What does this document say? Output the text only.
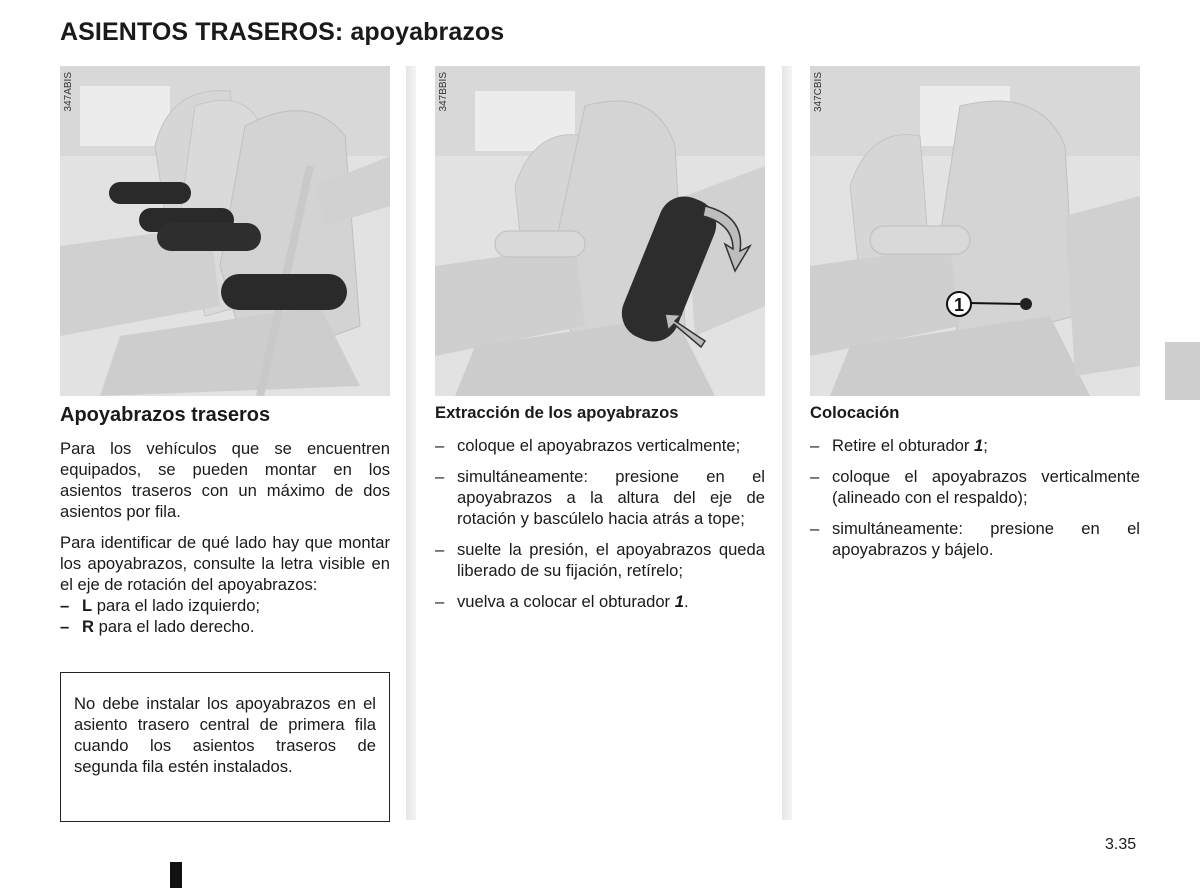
ASIENTOS TRASEROS: apoyabrazos
347ABIS	347BBIS
1
347CBIS
Apoyabrazos traseros

Para los vehículos que se encuentren equipados, se pueden montar en los asientos traseros con un máximo de dos asientos por fila.

Para identificar de qué lado hay que montar los apoyabrazos, consulte la letra visible en el eje de rotación del apoyabrazos:

– L para el lado izquierdo;
– R para el lado derecho.
No debe instalar los apoyabrazos en el asiento trasero central de primera fila cuando los asientos traseros de segunda fila estén instalados.
Extracción de los apoyabrazos
– coloque el apoyabrazos verticalmente;
– simultáneamente: presione en el apoyabrazos a la altura del eje de rotación y bascúlelo hacia atrás a tope;
– suelte la presión, el apoyabrazos queda liberado de su fijación, retírelo;
– vuelva a colocar el obturador 1.
Colocación
– Retire el obturador 1;
– coloque el apoyabrazos verticalmente (alineado con el respaldo);
– simultáneamente: presione en el apoyabrazos y bájelo.
3.35
